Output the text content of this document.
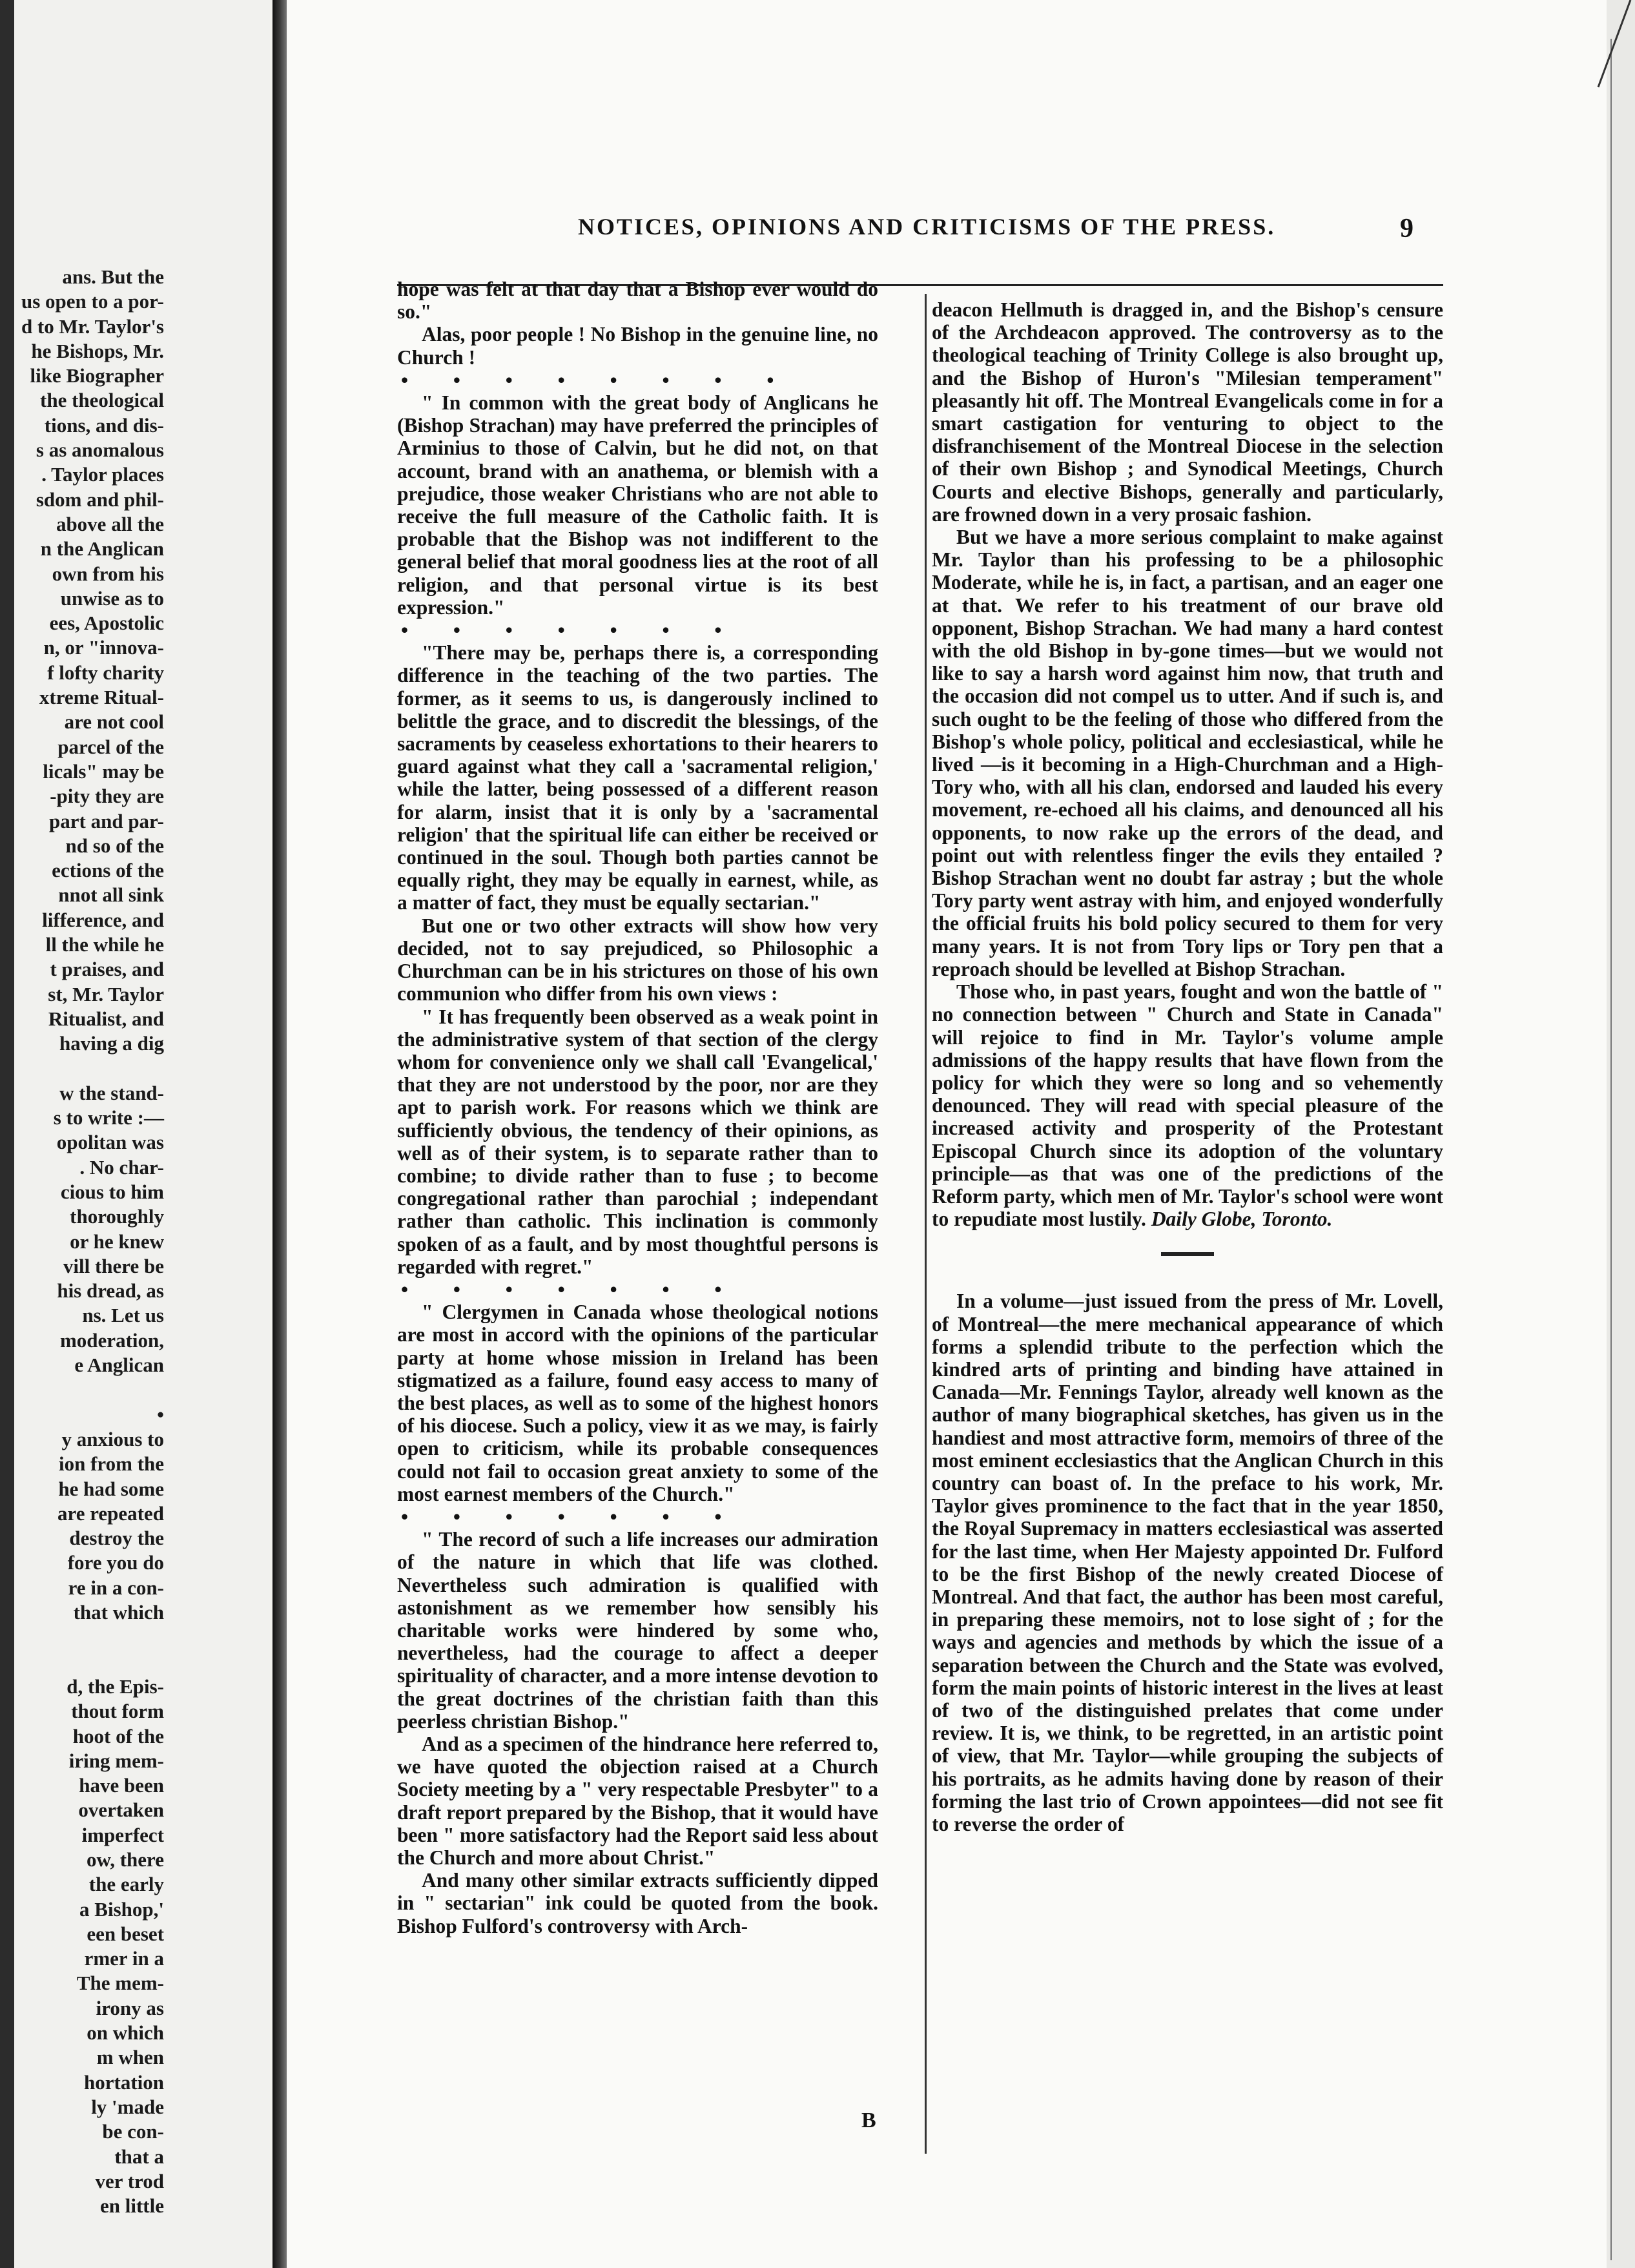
ans. But the
us open to a por-
d to Mr. Taylor's
he Bishops, Mr.
like Biographer
the theological
tions, and dis-
s as anomalous
. Taylor places
sdom and phil-
above all the
n the Anglican
own from his
unwise as to
ees, Apostolic
n, or "innova-
f lofty charity
xtreme Ritual-
are not cool
parcel of the
licals" may be
-pity they are
part and par-
nd so of the
ections of the
nnot all sink
lifference, and
ll the while he
t praises, and
st, Mr. Taylor
Ritualist, and
having a dig
w the stand-
s to write :—
opolitan was
. No char-
cious to him
thoroughly
or he knew
vill there be
his dread, as
ns. Let us
moderation,
e Anglican
•
y anxious to
ion from the
he had some
are repeated
destroy the
fore you do
re in a con-
that which
d, the Epis-
thout form
hoot of the
iring mem-
have been
overtaken
imperfect
ow, there
the early
a Bishop,'
een beset
rmer in a
The mem-
irony as
on which
m when
hortation
ly 'made
be con-
that a
ver trod
en little
NOTICES, OPINIONS AND CRITICISMS OF THE PRESS.	9

hope was felt at that day that a Bishop ever would do so."

Alas, poor people ! No Bishop in the genuine line, no Church !

• • • • • • • •

" In common with the great body of Anglicans he (Bishop Strachan) may have preferred the principles of Arminius to those of Calvin, but he did not, on that account, brand with an anathema, or blemish with a prejudice, those weaker Christians who are not able to receive the full measure of the Catholic faith. It is probable that the Bishop was not indifferent to the general belief that moral goodness lies at the root of all religion, and that personal virtue is its best expression."

• • • • • • •

"There may be, perhaps there is, a corresponding difference in the teaching of the two parties. The former, as it seems to us, is dangerously inclined to belittle the grace, and to discredit the blessings, of the sacraments by ceaseless exhortations to their hearers to guard against what they call a 'sacramental religion,' while the latter, being possessed of a different reason for alarm, insist that it is only by a 'sacramental religion' that the spiritual life can either be received or continued in the soul. Though both parties cannot be equally right, they may be equally in earnest, while, as a matter of fact, they must be equally sectarian."

But one or two other extracts will show how very decided, not to say prejudiced, so Philosophic a Churchman can be in his strictures on those of his own communion who differ from his own views :

" It has frequently been observed as a weak point in the administrative system of that section of the clergy whom for convenience only we shall call 'Evangelical,' that they are not understood by the poor, nor are they apt to parish work. For reasons which we think are sufficiently obvious, the tendency of their opinions, as well as of their system, is to separate rather than to combine; to divide rather than to fuse ; to become congregational rather than parochial ; independant rather than catholic. This inclination is commonly spoken of as a fault, and by most thoughtful persons is regarded with regret."

• • • • • • •

" Clergymen in Canada whose theological notions are most in accord with the opinions of the particular party at home whose mission in Ireland has been stigmatized as a failure, found easy access to many of the best places, as well as to some of the highest honors of his diocese. Such a policy, view it as we may, is fairly open to criticism, while its probable consequences could not fail to occasion great anxiety to some of the most earnest members of the Church."

• • • • • • •

" The record of such a life increases our admiration of the nature in which that life was clothed. Nevertheless such admiration is qualified with astonishment as we remember how sensibly his charitable works were hindered by some who, nevertheless, had the courage to affect a deeper spirituality of character, and a more intense devotion to the great doctrines of the christian faith than this peerless christian Bishop."

And as a specimen of the hindrance here referred to, we have quoted the objection raised at a Church Society meeting by a " very respectable Presbyter" to a draft report prepared by the Bishop, that it would have been " more satisfactory had the Report said less about the Church and more about Christ."

And many other similar extracts sufficiently dipped in " sectarian" ink could be quoted from the book. Bishop Fulford's controversy with Arch-

deacon Hellmuth is dragged in, and the Bishop's censure of the Archdeacon approved. The controversy as to the theological teaching of Trinity College is also brought up, and the Bishop of Huron's "Milesian temperament" pleasantly hit off. The Montreal Evangelicals come in for a smart castigation for venturing to object to the disfranchisement of the Montreal Diocese in the selection of their own Bishop ; and Synodical Meetings, Church Courts and elective Bishops, generally and particularly, are frowned down in a very prosaic fashion.

But we have a more serious complaint to make against Mr. Taylor than his professing to be a philosophic Moderate, while he is, in fact, a partisan, and an eager one at that. We refer to his treatment of our brave old opponent, Bishop Strachan. We had many a hard contest with the old Bishop in by-gone times—but we would not like to say a harsh word against him now, that truth and the occasion did not compel us to utter. And if such is, and such ought to be the feeling of those who differed from the Bishop's whole policy, political and ecclesiastical, while he lived —is it becoming in a High-Churchman and a High-Tory who, with all his clan, endorsed and lauded his every movement, re-echoed all his claims, and denounced all his opponents, to now rake up the errors of the dead, and point out with relentless finger the evils they entailed ? Bishop Strachan went no doubt far astray ; but the whole Tory party went astray with him, and enjoyed wonderfully the official fruits his bold policy secured to them for very many years. It is not from Tory lips or Tory pen that a reproach should be levelled at Bishop Strachan.

Those who, in past years, fought and won the battle of " no connection between " Church and State in Canada" will rejoice to find in Mr. Taylor's volume ample admissions of the happy results that have flown from the policy for which they were so long and so vehemently denounced. They will read with special pleasure of the increased activity and prosperity of the Protestant Episcopal Church since its adoption of the voluntary principle—as that was one of the predictions of the Reform party, which men of Mr. Taylor's school were wont to repudiate most lustily. Daily Globe, Toronto.

In a volume—just issued from the press of Mr. Lovell, of Montreal—the mere mechanical appearance of which forms a splendid tribute to the perfection which the kindred arts of printing and binding have attained in Canada—Mr. Fennings Taylor, already well known as the author of many biographical sketches, has given us in the handiest and most attractive form, memoirs of three of the most eminent ecclesiastics that the Anglican Church in this country can boast of. In the preface to his work, Mr. Taylor gives prominence to the fact that in the year 1850, the Royal Supremacy in matters ecclesiastical was asserted for the last time, when Her Majesty appointed Dr. Fulford to be the first Bishop of the newly created Diocese of Montreal. And that fact, the author has been most careful, in preparing these memoirs, not to lose sight of ; for the ways and agencies and methods by which the issue of a separation between the Church and the State was evolved, form the main points of historic interest in the lives at least of two of the distinguished prelates that come under review. It is, we think, to be regretted, in an artistic point of view, that Mr. Taylor—while grouping the subjects of his portraits, as he admits having done by reason of their forming the last trio of Crown appointees—did not see fit to reverse the order of

B
